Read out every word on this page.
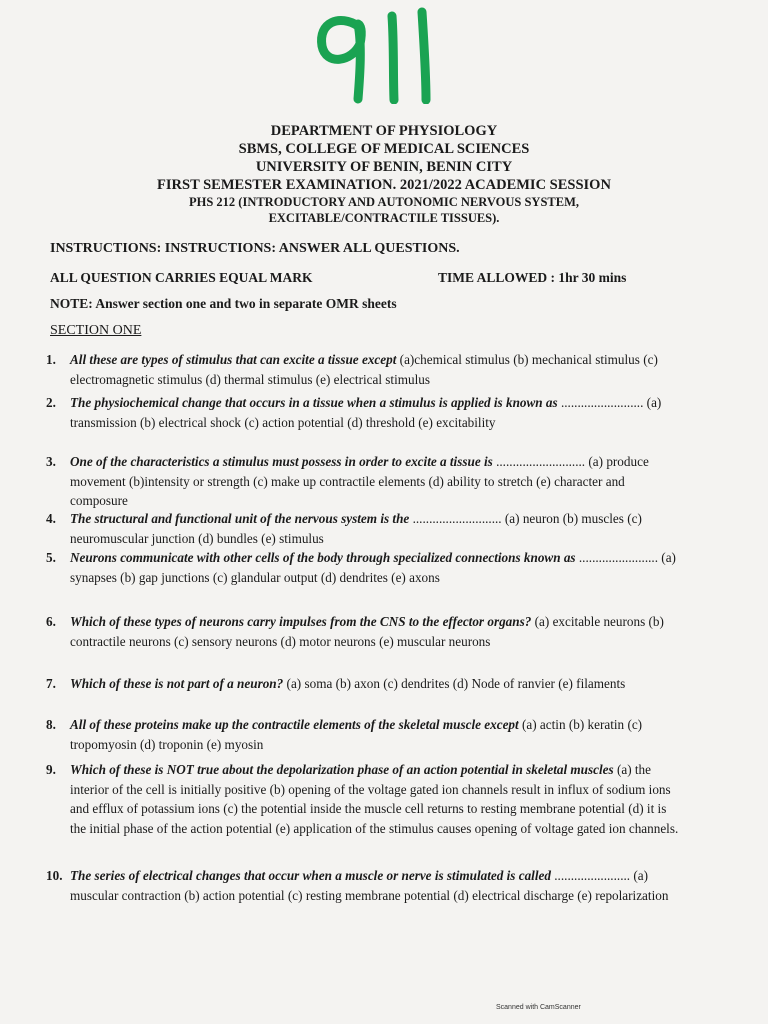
DEPARTMENT OF PHYSIOLOGY
SBMS, COLLEGE OF MEDICAL SCIENCES
UNIVERSITY OF BENIN, BENIN CITY
FIRST SEMESTER EXAMINATION. 2021/2022 ACADEMIC SESSION
PHS 212 (INTRODUCTORY AND AUTONOMIC NERVOUS SYSTEM,
EXCITABLE/CONTRACTILE TISSUES).
INSTRUCTIONS: INSTRUCTIONS: ANSWER ALL QUESTIONS.
ALL QUESTION CARRIES EQUAL MARK	TIME ALLOWED : 1hr 30 mins
NOTE: Answer section one and two in separate OMR sheets
SECTION ONE
1. All these are types of stimulus that can excite a tissue except (a)chemical stimulus (b) mechanical stimulus (c) electromagnetic stimulus (d) thermal stimulus (e) electrical stimulus
2. The physiochemical change that occurs in a tissue when a stimulus is applied is known as ......................... (a) transmission (b) electrical shock (c) action potential (d) threshold (e) excitability
3. One of the characteristics a stimulus must possess in order to excite a tissue is ........................... (a) produce movement (b)intensity or strength (c) make up contractile elements (d) ability to stretch (e) character and composure
4. The structural and functional unit of the nervous system is the ........................... (a) neuron (b) muscles (c) neuromuscular junction (d) bundles (e) stimulus
5. Neurons communicate with other cells of the body through specialized connections known as ........................ (a) synapses (b) gap junctions (c) glandular output (d) dendrites (e) axons
6. Which of these types of neurons carry impulses from the CNS to the effector organs? (a) excitable neurons (b) contractile neurons (c) sensory neurons (d) motor neurons (e) muscular neurons
7. Which of these is not part of a neuron? (a) soma (b) axon (c) dendrites (d) Node of ranvier (e) filaments
8. All of these proteins make up the contractile elements of the skeletal muscle except (a) actin (b) keratin (c) tropomyosin (d) troponin (e) myosin
9. Which of these is NOT true about the depolarization phase of an action potential in skeletal muscles (a) the interior of the cell is initially positive (b) opening of the voltage gated ion channels result in influx of sodium ions and efflux of potassium ions (c) the potential inside the muscle cell returns to resting membrane potential (d) it is the initial phase of the action potential (e) application of the stimulus causes opening of voltage gated ion channels.
10. The series of electrical changes that occur when a muscle or nerve is stimulated is called ....................... (a) muscular contraction (b) action potential (c) resting membrane potential (d) electrical discharge (e) repolarization
Scanned with CamScanner
